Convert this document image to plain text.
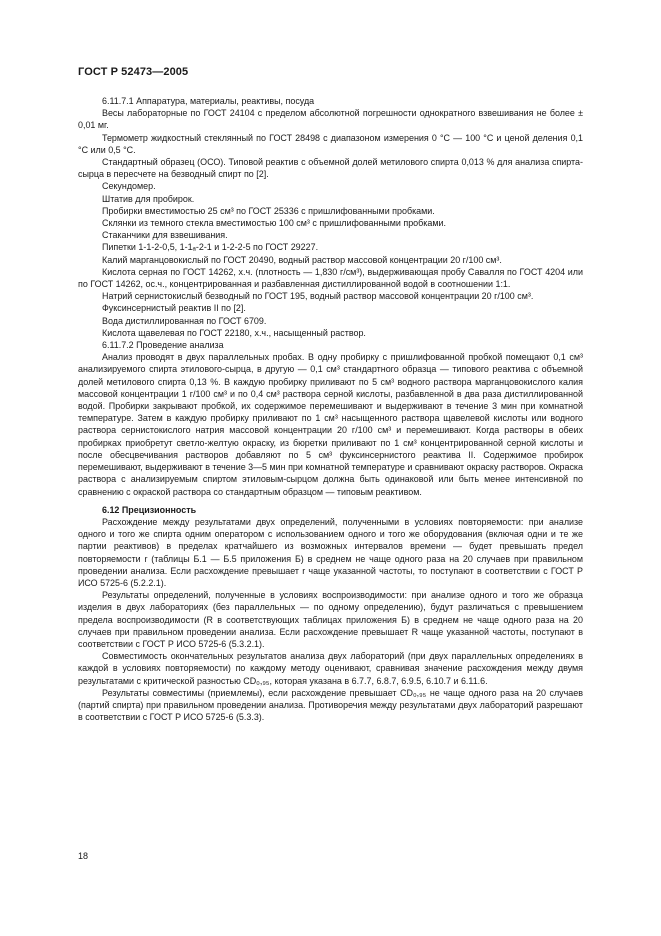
ГОСТ Р 52473—2005

6.11.7.1 Аппаратура, материалы, реактивы, посуда

Весы лабораторные по ГОСТ 24104 с пределом абсолютной погрешности однократного взвешивания не более ± 0,01 мг.

Термометр жидкостный стеклянный по ГОСТ 28498 с диапазоном измерения 0 °С — 100 °С и ценой деления 0,1 °С или 0,5 °С.

Стандартный образец (ОСО). Типовой реактив с объемной долей метилового спирта 0,013 % для анализа спирта-сырца в пересчете на безводный спирт по [2].

Секундомер.

Штатив для пробирок.

Пробирки вместимостью 25 см³ по ГОСТ 25336 с пришлифованными пробками.

Склянки из темного стекла вместимостью 100 см³ с пришлифованными пробками.

Стаканчики для взвешивания.

Пипетки 1-1-2-0,5, 1-1ₐ-2-1 и 1-2-2-5 по ГОСТ 29227.

Калий марганцовокислый по ГОСТ 20490, водный раствор массовой концентрации 20 г/100 см³.

Кислота серная по ГОСТ 14262, х.ч. (плотность — 1,830 г/см³), выдерживающая пробу Савалля по ГОСТ 4204 или по ГОСТ 14262, ос.ч., концентрированная и разбавленная дистиллированной водой в соотношении 1:1.

Натрий сернистокислый безводный по ГОСТ 195, водный раствор массовой концентрации 20 г/100 см³.

Фуксинсернистый реактив II по [2].

Вода дистиллированная по ГОСТ 6709.

Кислота щавелевая по ГОСТ 22180, х.ч., насыщенный раствор.

6.11.7.2 Проведение анализа

Анализ проводят в двух параллельных пробах. В одну пробирку с пришлифованной пробкой помещают 0,1 см³ анализируемого спирта этилового-сырца, в другую — 0,1 см³ стандартного образца — типового реактива с объемной долей метилового спирта 0,13 %. В каждую пробирку приливают по 5 см³ водного раствора марганцовокислого калия массовой концентрации 1 г/100 см³ и по 0,4 см³ раствора серной кислоты, разбавленной в два раза дистиллированной водой. Пробирки закрывают пробкой, их содержимое перемешивают и выдерживают в течение 3 мин при комнатной температуре. Затем в каждую пробирку приливают по 1 см³ насыщенного раствора щавелевой кислоты или водного раствора сернистокислого натрия массовой концентрации 20 г/100 см³ и перемешивают. Когда растворы в обеих пробирках приобретут светло-желтую окраску, из бюретки приливают по 1 см³ концентрированной серной кислоты и после обесцвечивания растворов добавляют по 5 см³ фуксинсернистого реактива II. Содержимое пробирок перемешивают, выдерживают в течение 3—5 мин при комнатной температуре и сравнивают окраску растворов. Окраска раствора с анализируемым спиртом этиловым-сырцом должна быть одинаковой или быть менее интенсивной по сравнению с окраской раствора со стандартным образцом — типовым реактивом.

6.12 Прецизионность

Расхождение между результатами двух определений, полученными в условиях повторяемости: при анализе одного и того же спирта одним оператором с использованием одного и того же оборудования (включая одни и те же партии реактивов) в пределах кратчайшего из возможных интервалов времени — будет превышать предел повторяемости r (таблицы Б.1 — Б.5 приложения Б) в среднем не чаще одного раза на 20 случаев при правильном проведении анализа. Если расхождение превышает r чаще указанной частоты, то поступают в соответствии с ГОСТ Р ИСО 5725-6 (5.2.2.1).

Результаты определений, полученные в условиях воспроизводимости: при анализе одного и того же образца изделия в двух лабораториях (без параллельных — по одному определению), будут различаться с превышением предела воспроизводимости (R в соответствующих таблицах приложения Б) в среднем не чаще одного раза на 20 случаев при правильном проведении анализа. Если расхождение превышает R чаще указанной частоты, поступают в соответствии с ГОСТ Р ИСО 5725-6 (5.3.2.1).

Совместимость окончательных результатов анализа двух лабораторий (при двух параллельных определениях в каждой в условиях повторяемости) по каждому методу оценивают, сравнивая значение расхождения между двумя результатами с критической разностью CD₀,₉₅, которая указана в 6.7.7, 6.8.7, 6.9.5, 6.10.7 и 6.11.6.

Результаты совместимы (приемлемы), если расхождение превышает CD₀,₉₅ не чаще одного раза на 20 случаев (партий спирта) при правильном проведении анализа. Противоречия между результатами двух лабораторий разрешают в соответствии с ГОСТ Р ИСО 5725-6 (5.3.3).

18
